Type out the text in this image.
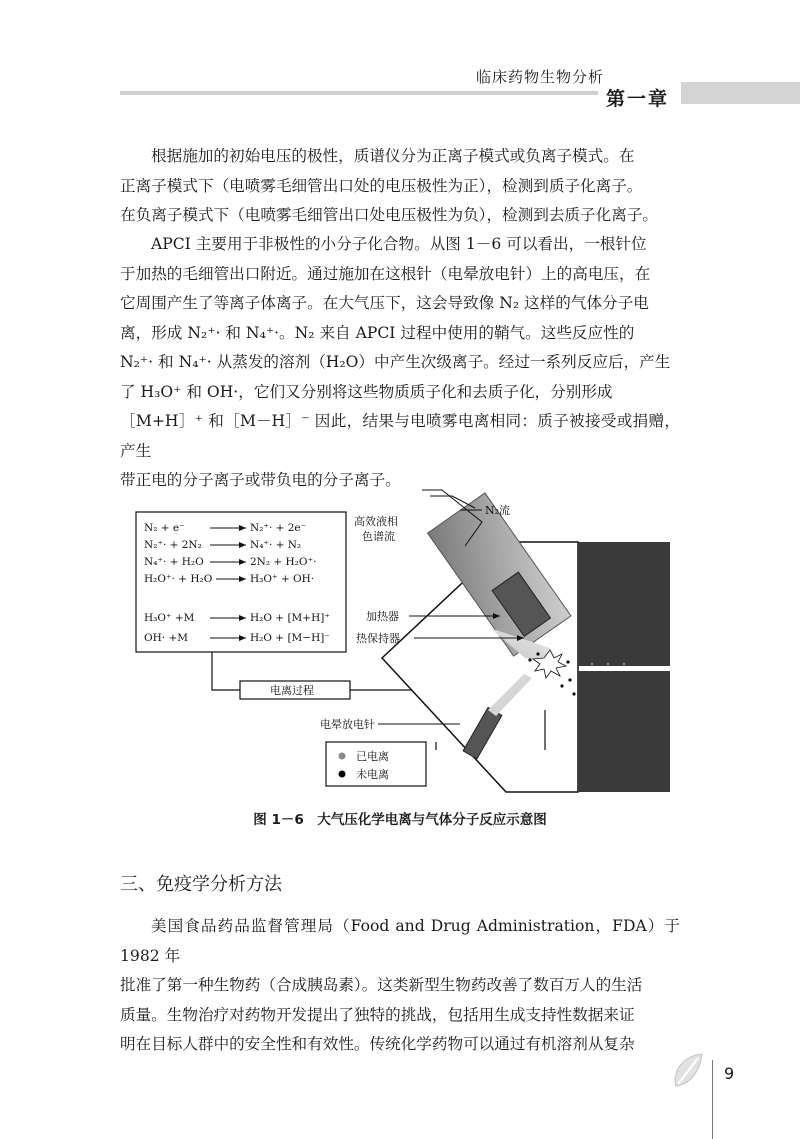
临床药物生物分析
第一章

根据施加的初始电压的极性，质谱仪分为正离子模式或负离子模式。在

正离子模式下（电喷雾毛细管出口处的电压极性为正），检测到质子化离子。
在负离子模式下（电喷雾毛细管出口处电压极性为负），检测到去质子化离子。

APCI 主要用于非极性的小分子化合物。从图 1－6 可以看出，一根针位

于加热的毛细管出口附近。通过施加在这根针（电晕放电针）上的高电压，在
它周围产生了等离子体离子。在大气压下，这会导致像 N₂ 这样的气体分子电
离，形成 N₂⁺· 和 N₄⁺·。N₂ 来自 APCI 过程中使用的鞘气。这些反应性的
N₂⁺· 和 N₄⁺· 从蒸发的溶剂（H₂O）中产生次级离子。经过一系列反应后，产生
了 H₃O⁺ 和 OH·，它们又分别将这些物质质子化和去质子化，分别形成
［M+H］⁺ 和［M－H］⁻ 因此，结果与电喷雾电离相同：质子被接受或捐赠，产生
带正电的分子离子或带负电的分子离子。
N₂ + e⁻	N₂⁺· + 2e⁻
N₂⁺· + 2N₂	N₄⁺· + N₂
N₄⁺· + H₂O	2N₂ + H₂O⁺·
H₂O⁺· + H₂O	H₃O⁺ + OH·
H₃O⁺ +M	H₂O + [M+H]⁺
OH· +M	H₂O + [M−H]⁻
电离过程
N₂流
高效液相
色谱流
加热器
热保持器
电晕放电针
已电离
未电离
图 1－6　大气压化学电离与气体分子反应示意图
三、免疫学分析方法

美国食品药品监督管理局（Food and Drug Administration，FDA）于 1982 年

批准了第一种生物药（合成胰岛素）。这类新型生物药改善了数百万人的生活
质量。生物治疗对药物开发提出了独特的挑战，包括用生成支持性数据来证
明在目标人群中的安全性和有效性。传统化学药物可以通过有机溶剂从复杂
9
